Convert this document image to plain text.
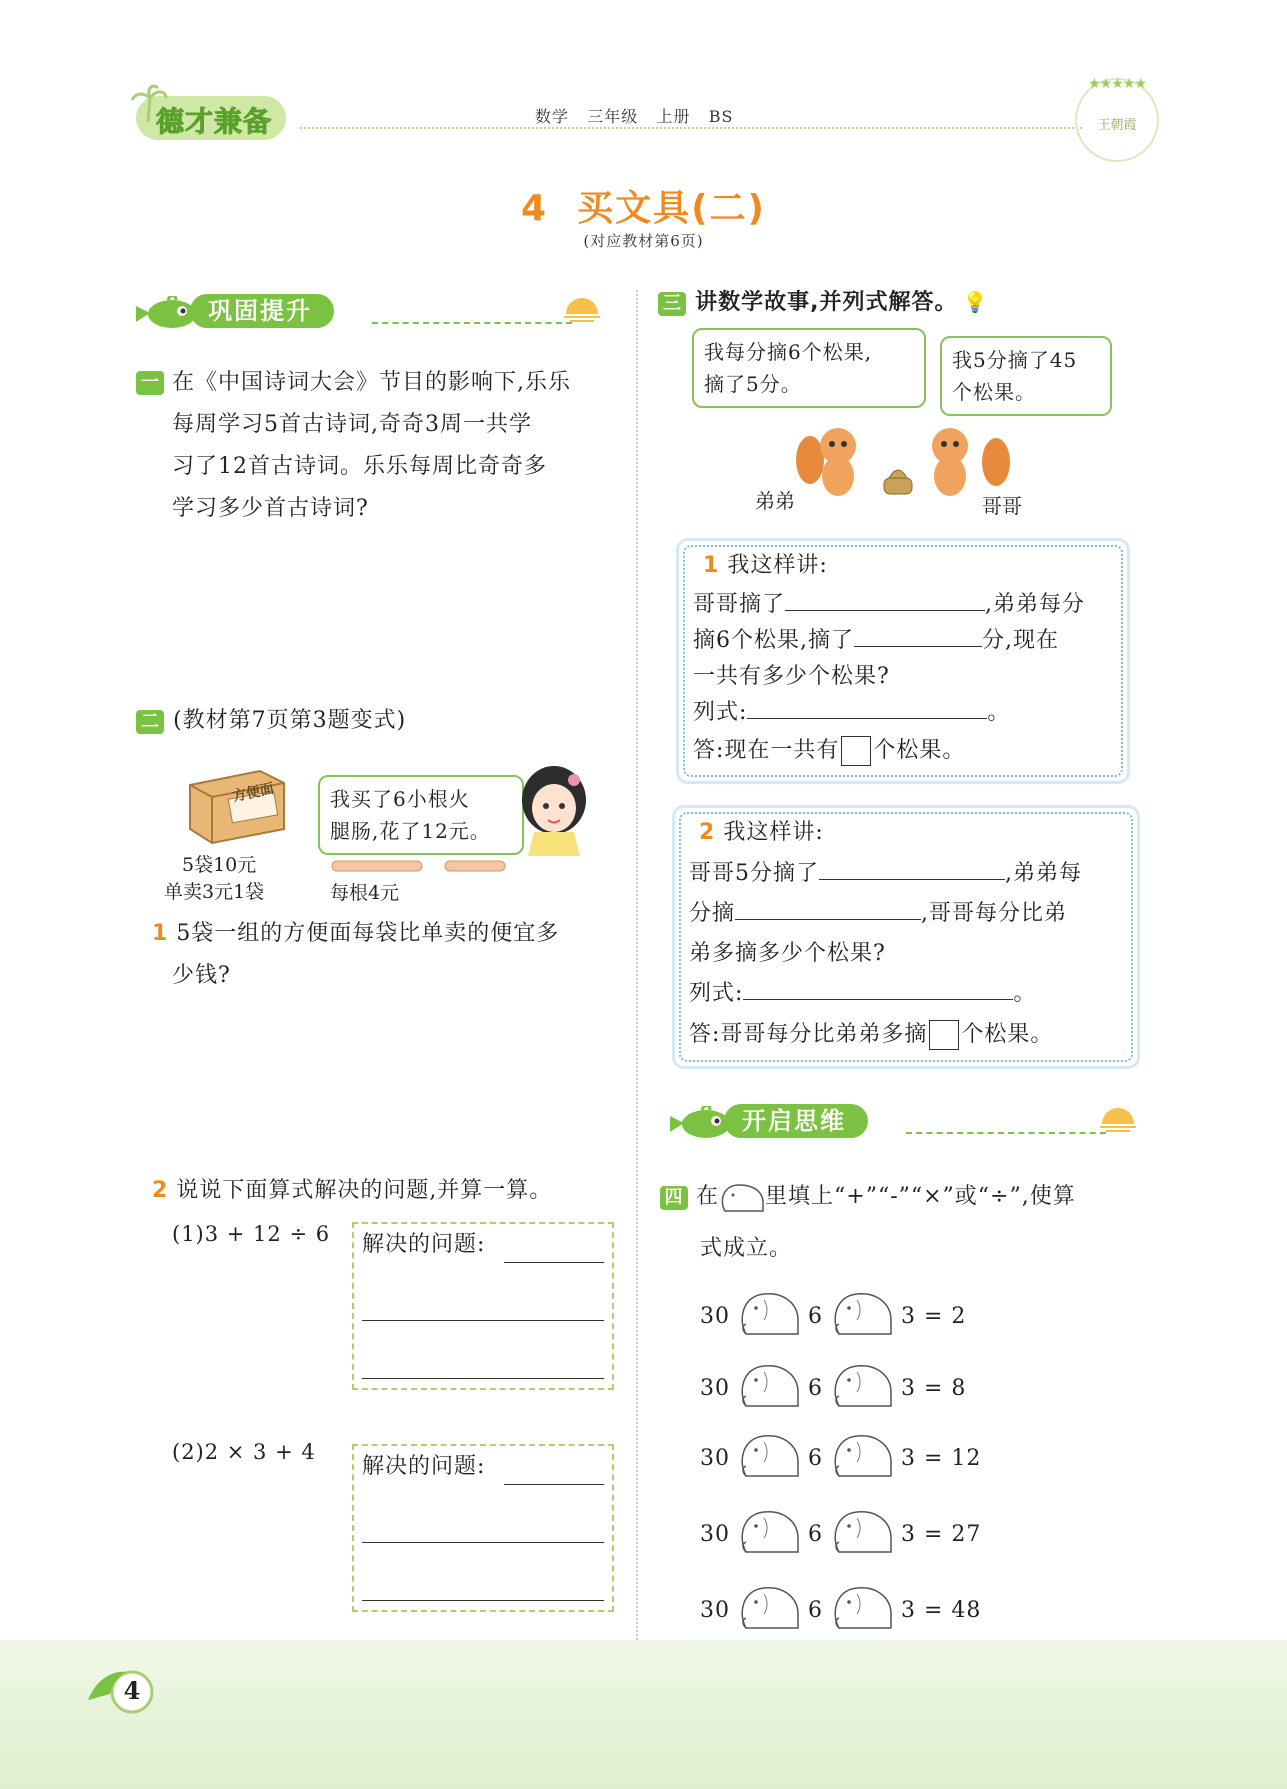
德才兼备	数学   三年级   上册   BS
★★★★★
王朝霞
4  买文具(二)
(对应教材第6页)
巩固提升
一 在《中国诗词大会》节目的影响下,乐乐
每周学习5首古诗词,奇奇3周一共学
习了12首古诗词。乐乐每周比奇奇多
学习多少首古诗词?
二 (教材第7页第3题变式)
方便面
5袋10元
单卖3元1袋	每根4元
我买了6小根火
腿肠,花了12元。
1 5袋一组的方便面每袋比单卖的便宜多
少钱?
2 说说下面算式解决的问题,并算一算。
(1)3 + 12 ÷ 6 解决的问题:
(2)2 × 3 + 4
解决的问题:
三 讲数学故事,并列式解答。 💡
我每分摘6个松果,
摘了5分。
我5分摘了45
个松果。
弟弟	哥哥
1 我这样讲:
哥哥摘了	,弟弟每分
摘6个松果,摘了	分,现在
一共有多少个松果?
列式:	。
答:现在一共有 个松果。
2 我这样讲:
哥哥5分摘了	,弟弟每
分摘	,哥哥每分比弟
弟多摘多少个松果?
列式:	。
答:哥哥每分比弟弟多摘 个松果。
开启思维
四 在 里填上“+”“-”“×”或“÷”,使算
式成立。
30	6	3 = 2
30	6	3 = 8
30	6	3 = 12
30	6	3 = 27
30	6	3 = 48
4
